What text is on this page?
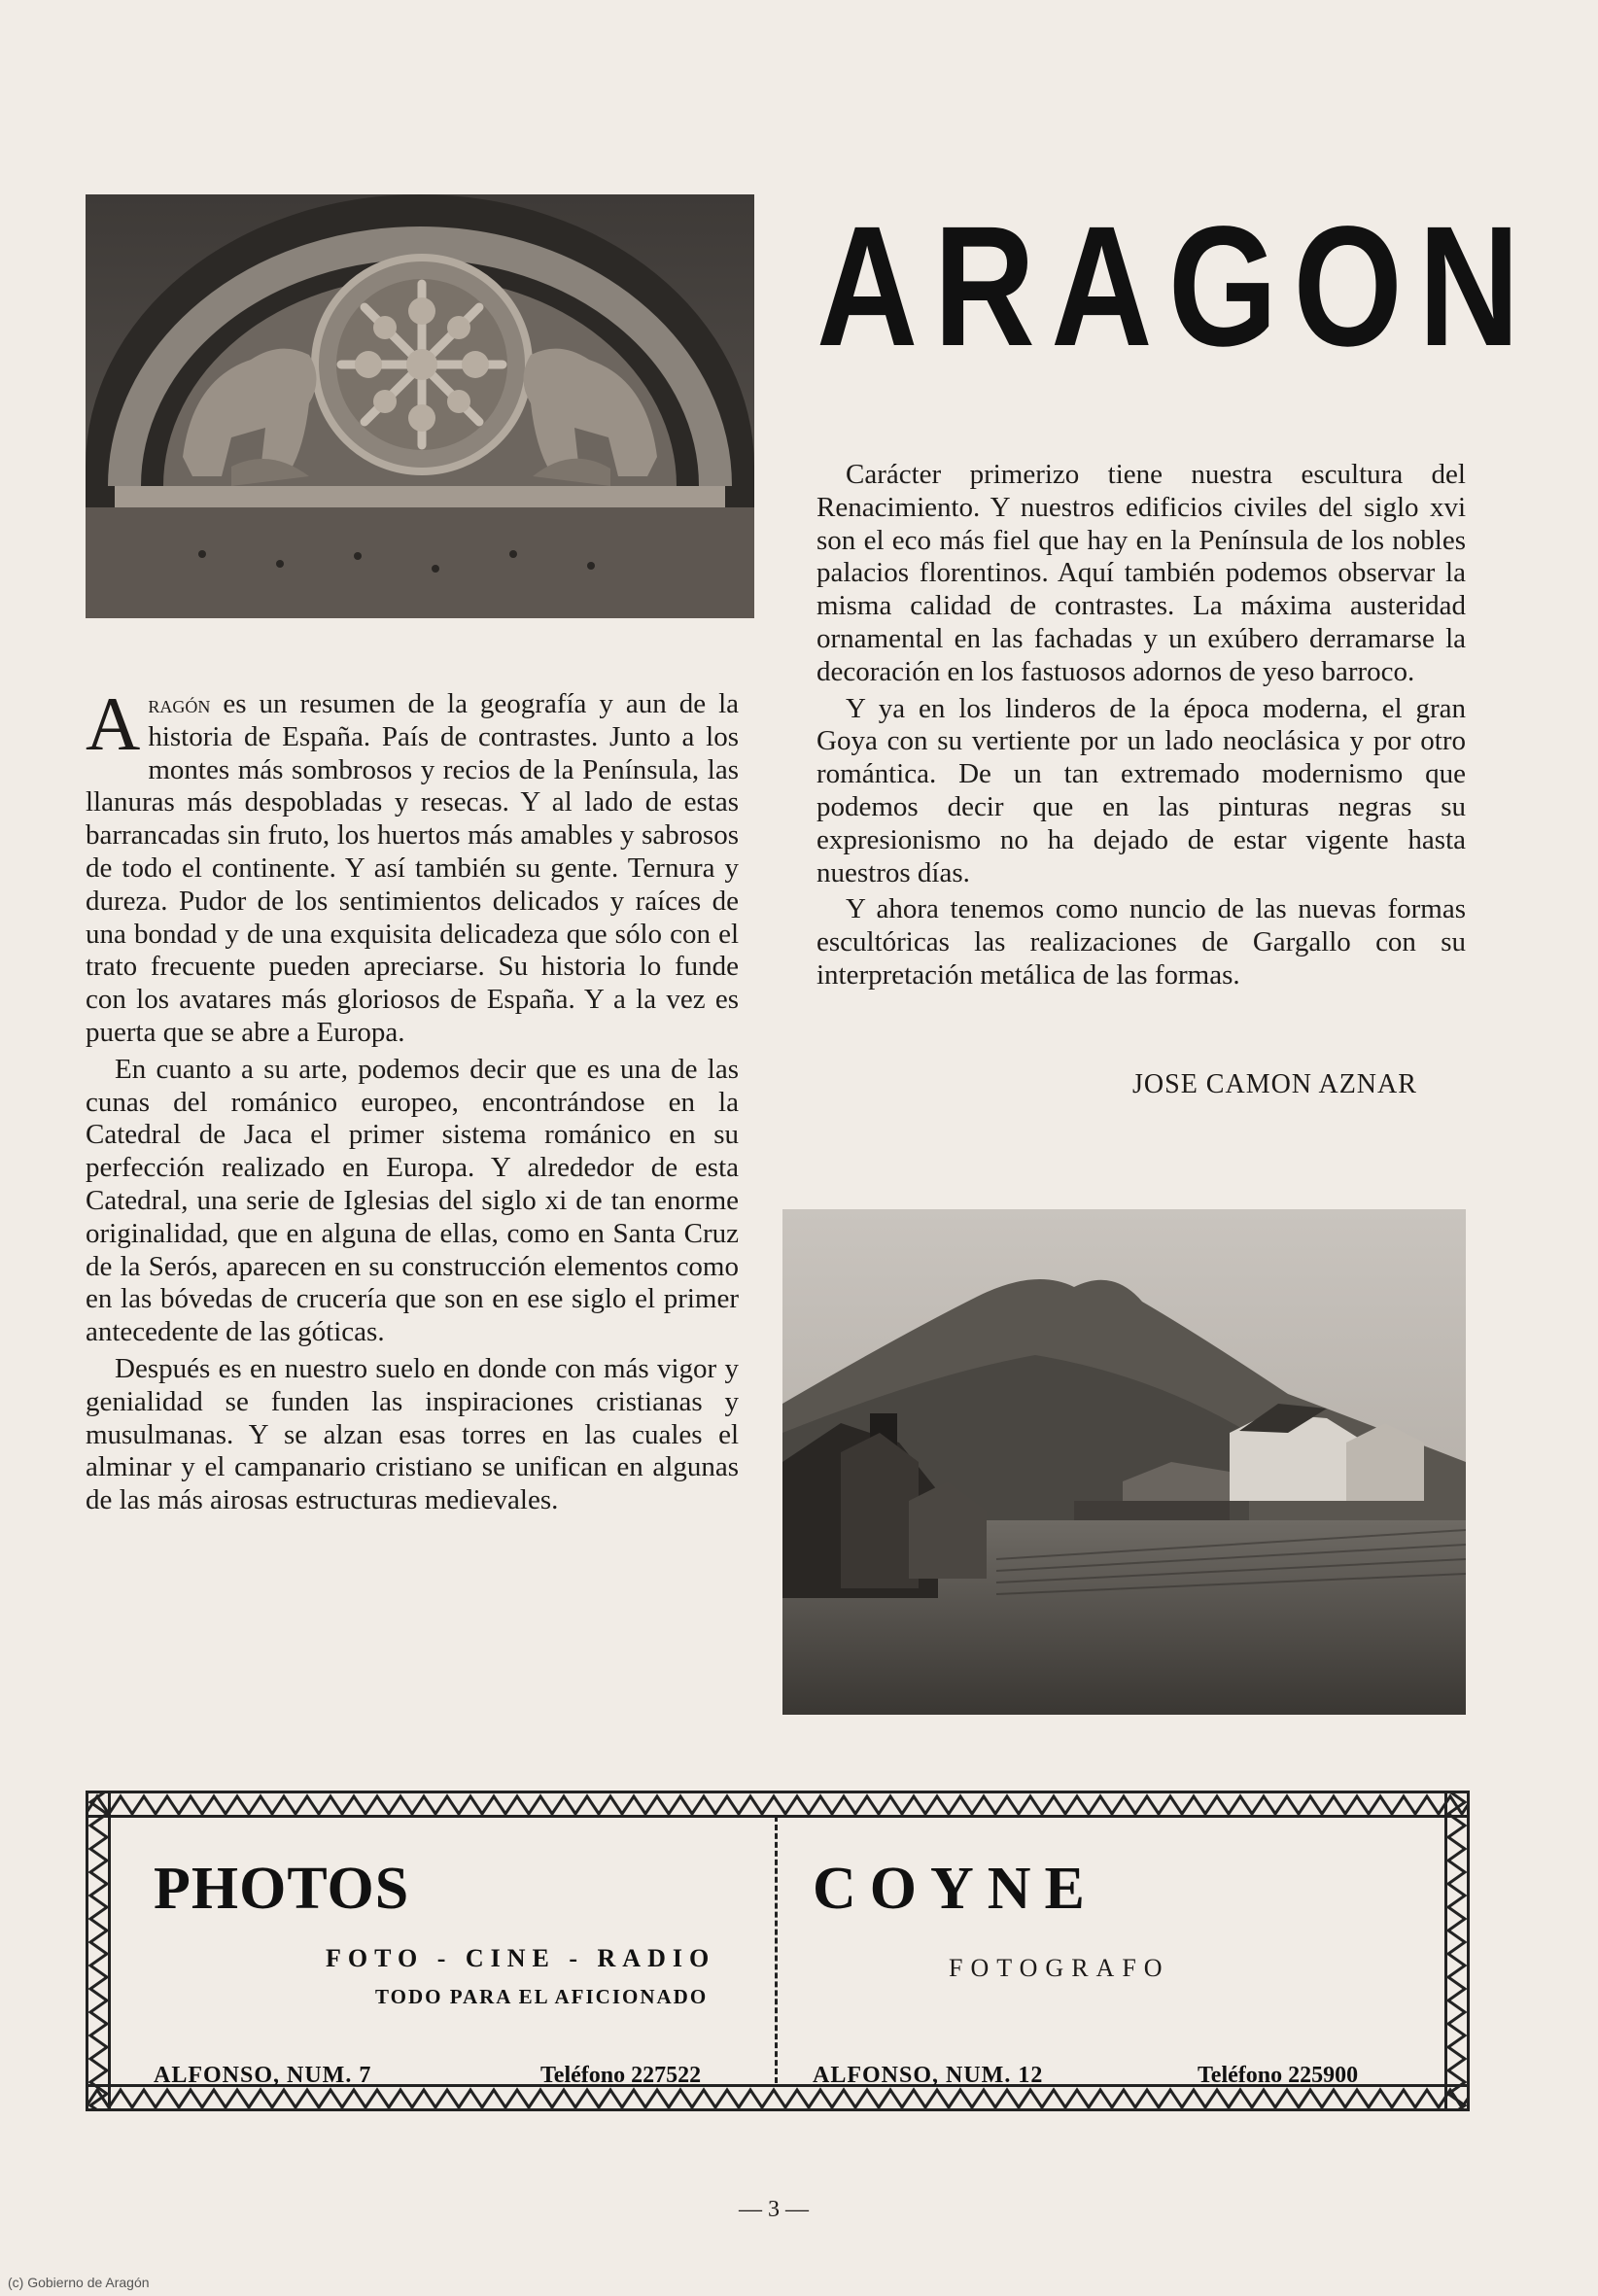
ARAGON

Aragón es un resumen de la geografía y aun de la historia de España. País de contrastes. Junto a los montes más sombrosos y recios de la Península, las llanuras más despobladas y resecas. Y al lado de estas barrancadas sin fruto, los huertos más amables y sabrosos de todo el continente. Y así también su gente. Ternura y dureza. Pudor de los sentimientos delicados y raíces de una bondad y de una exquisita delicadeza que sólo con el trato frecuente pueden apreciarse. Su historia lo funde con los avatares más gloriosos de España. Y a la vez es puerta que se abre a Europa.

En cuanto a su arte, podemos decir que es una de las cunas del románico europeo, encontrándose en la Catedral de Jaca el primer sistema románico en su perfección realizado en Europa. Y alrededor de esta Catedral, una serie de Iglesias del siglo xi de tan enorme originalidad, que en alguna de ellas, como en Santa Cruz de la Serós, aparecen en su construcción elementos como en las bóvedas de crucería que son en ese siglo el primer antecedente de las góticas.

Después es en nuestro suelo en donde con más vigor y genialidad se funden las inspiraciones cristianas y musulmanas. Y se alzan esas torres en las cuales el alminar y el campanario cristiano se unifican en algunas de las más airosas estructuras medievales.

Carácter primerizo tiene nuestra escultura del Renacimiento. Y nuestros edificios civiles del siglo xvi son el eco más fiel que hay en la Península de los nobles palacios florentinos. Aquí también podemos observar la misma calidad de contrastes. La máxima austeridad ornamental en las fachadas y un exúbero derramarse la decoración en los fastuosos adornos de yeso barroco.

Y ya en los linderos de la época moderna, el gran Goya con su vertiente por un lado neoclásica y por otro romántica. De un tan extremado modernismo que podemos decir que en las pinturas negras su expresionismo no ha dejado de estar vigente hasta nuestros días.

Y ahora tenemos como nuncio de las nuevas formas escultóricas las realizaciones de Gargallo con su interpretación metálica de las formas.

JOSE CAMON AZNAR
PHOTOS
FOTO - CINE - RADIO
TODO PARA EL AFICIONADO
ALFONSO, NUM. 7	Teléfono 227522
COYNE
FOTOGRAFO
ALFONSO, NUM. 12	Teléfono 225900
— 3 —
(c) Gobierno de Aragón
